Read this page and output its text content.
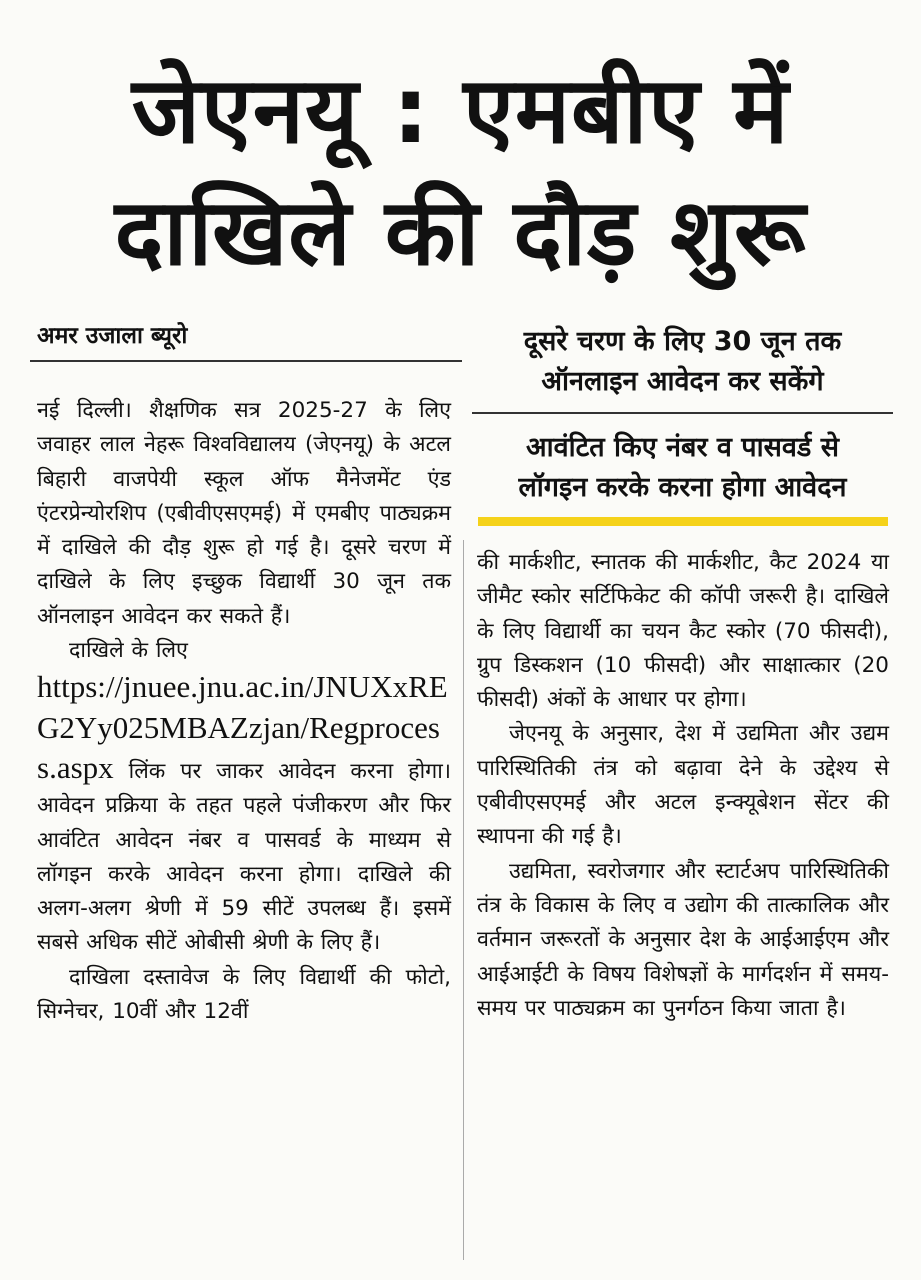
जेएनयू : एमबीए में
दाखिले की दौड़ शुरू
अमर उजाला ब्यूरो	दूसरे चरण के लिए 30 जून तक
ऑनलाइन आवेदन कर सकेंगे
आवंटित किए नंबर व पासवर्ड से
लॉगइन करके करना होगा आवेदन

नई दिल्ली। शैक्षणिक सत्र 2025-27 के लिए जवाहर लाल नेहरू विश्वविद्यालय (जेएनयू) के अटल बिहारी वाजपेयी स्कूल ऑफ मैनेजमेंट एंड एंटरप्रेन्योरशिप (एबीवीएसएमई) में एमबीए पाठ्यक्रम में दाखिले की दौड़ शुरू हो गई है। दूसरे चरण में दाखिले के लिए इच्छुक विद्यार्थी 30 जून तक ऑनलाइन आवेदन कर सकते हैं।

दाखिले के लिए
https://jnuee.jnu.ac.in/JNUXxREG2Yy025MBAZzjan/Regprocess.aspx लिंक पर जाकर आवेदन करना होगा। आवेदन प्रक्रिया के तहत पहले पंजीकरण और फिर आवंटित आवेदन नंबर व पासवर्ड के माध्यम से लॉगइन करके आवेदन करना होगा। दाखिले की अलग-अलग श्रेणी में 59 सीटें उपलब्ध हैं। इसमें सबसे अधिक सीटें ओबीसी श्रेणी के लिए हैं।

दाखिला दस्तावेज के लिए विद्यार्थी की फोटो, सिग्नेचर, 10वीं और 12वीं

की मार्कशीट, स्नातक की मार्कशीट, कैट 2024 या जीमैट स्कोर सर्टिफिकेट की कॉपी जरूरी है। दाखिले के लिए विद्यार्थी का चयन कैट स्कोर (70 फीसदी), ग्रुप डिस्कशन (10 फीसदी) और साक्षात्कार (20 फीसदी) अंकों के आधार पर होगा।

जेएनयू के अनुसार, देश में उद्यमिता और उद्यम पारिस्थितिकी तंत्र को बढ़ावा देने के उद्देश्य से एबीवीएसएमई और अटल इन्क्यूबेशन सेंटर की स्थापना की गई है।

उद्यमिता, स्वरोजगार और स्टार्टअप पारिस्थितिकी तंत्र के विकास के लिए व उद्योग की तात्कालिक और वर्तमान जरूरतों के अनुसार देश के आईआईएम और आईआईटी के विषय विशेषज्ञों के मार्गदर्शन में समय-समय पर पाठ्यक्रम का पुनर्गठन किया जाता है।
